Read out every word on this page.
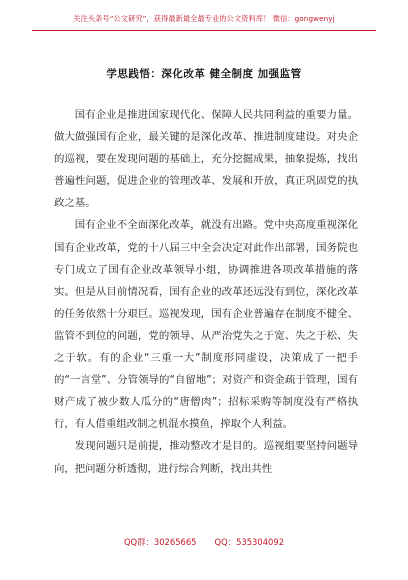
关注头条号“公文研究”，获得最新最全最专业的公文资料库！ 微信：gongwenyj
学思践悟：深化改革 健全制度 加强监管

国有企业是推进国家现代化、保障人民共同利益的重要力量。做大做强国有企业，最关键的是深化改革、推进制度建设。对央企的巡视，要在发现问题的基础上，充分挖掘成果，抽象提炼，找出普遍性问题，促进企业的管理改革、发展和开放，真正巩固党的执政之基。

国有企业不全面深化改革，就没有出路。党中央高度重视深化国有企业改革，党的十八届三中全会决定对此作出部署，国务院也专门成立了国有企业改革领导小组，协调推进各项改革措施的落实。但是从目前情况看，国有企业的改革还远没有到位，深化改革的任务依然十分艰巨。巡视发现，国有企业普遍存在制度不健全、监管不到位的问题，党的领导、从严治党失之于宽、失之于松、失之于软。有的企业“三重一大”制度形同虚设，决策成了一把手的“一言堂”、分管领导的“自留地”；对资产和资金疏于管理，国有财产成了被少数人瓜分的“唐僧肉”；招标采购等制度没有严格执行，有人借重组改制之机混水摸鱼，搾取个人利益。

发现问题只是前提，推动整改才是目的。巡视组要坚持问题导向，把问题分析透彻，进行综合判断，找出共性

QQ群：30265665 QQ：535304092
